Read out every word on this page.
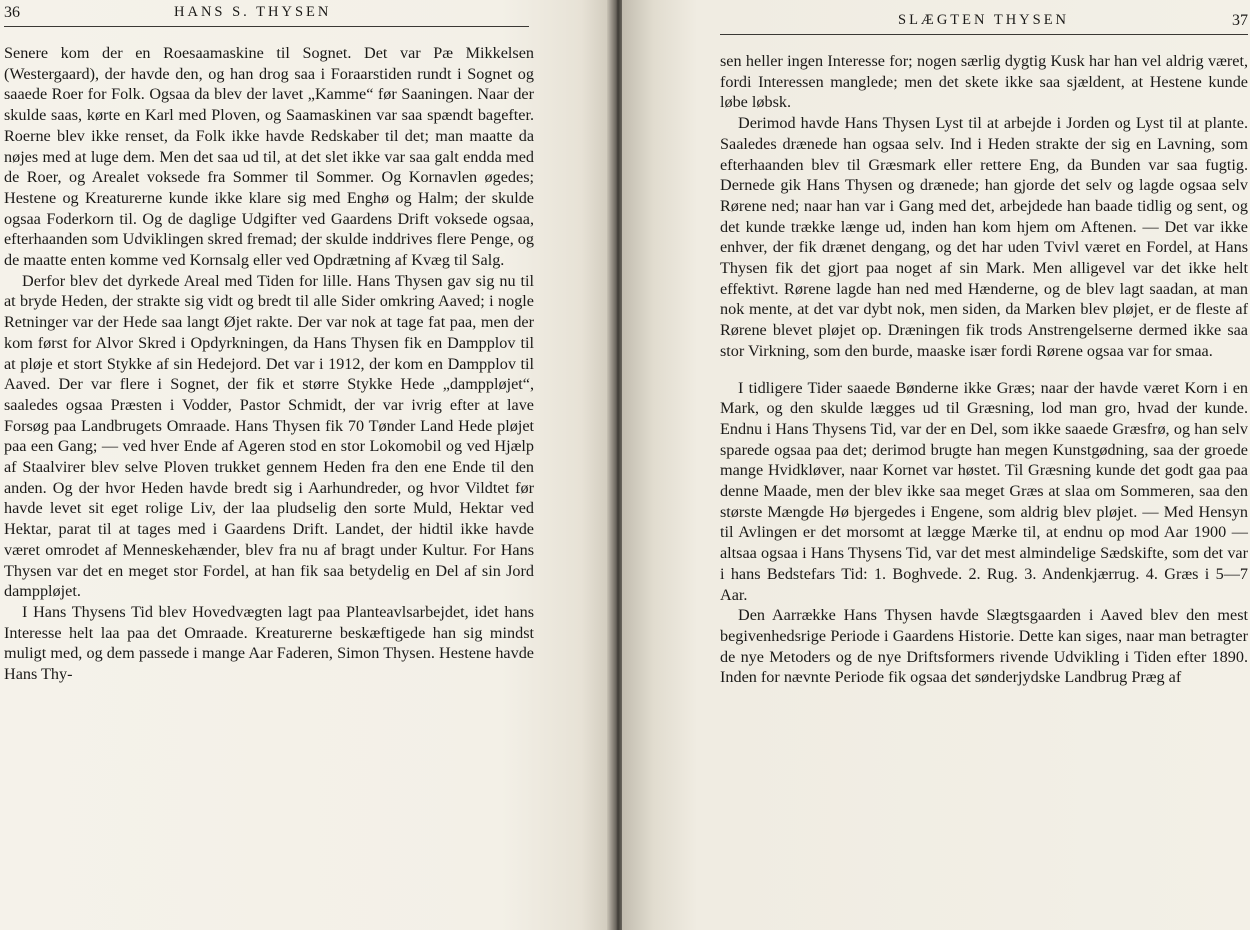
36	HANS S. THYSEN

Senere kom der en Roesaamaskine til Sognet. Det var Pæ Mikkelsen (Westergaard), der havde den, og han drog saa i Foraarstiden rundt i Sognet og saaede Roer for Folk. Ogsaa da blev der lavet „Kamme“ før Saaningen. Naar der skulde saas, kørte en Karl med Ploven, og Saamaskinen var saa spændt bagefter. Roerne blev ikke renset, da Folk ikke havde Redskaber til det; man maatte da nøjes med at luge dem. Men det saa ud til, at det slet ikke var saa galt endda med de Roer, og Arealet voksede fra Sommer til Sommer. Og Kornavlen øgedes; Hestene og Kreaturerne kunde ikke klare sig med Enghø og Halm; der skulde ogsaa Foderkorn til. Og de daglige Udgifter ved Gaardens Drift voksede ogsaa, efterhaanden som Udviklingen skred fremad; der skulde inddrives flere Penge, og de maatte enten komme ved Kornsalg eller ved Opdrætning af Kvæg til Salg.

Derfor blev det dyrkede Areal med Tiden for lille. Hans Thysen gav sig nu til at bryde Heden, der strakte sig vidt og bredt til alle Sider omkring Aaved; i nogle Retninger var der Hede saa langt Øjet rakte. Der var nok at tage fat paa, men der kom først for Alvor Skred i Opdyrkningen, da Hans Thysen fik en Dampplov til at pløje et stort Stykke af sin Hedejord. Det var i 1912, der kom en Dampplov til Aaved. Der var flere i Sognet, der fik et større Stykke Hede „damppløjet“, saaledes ogsaa Præsten i Vodder, Pastor Schmidt, der var ivrig efter at lave Forsøg paa Landbrugets Omraade. Hans Thysen fik 70 Tønder Land Hede pløjet paa een Gang; — ved hver Ende af Ageren stod en stor Lokomobil og ved Hjælp af Staalvirer blev selve Ploven trukket gennem Heden fra den ene Ende til den anden. Og der hvor Heden havde bredt sig i Aarhundreder, og hvor Vildtet før havde levet sit eget rolige Liv, der laa pludselig den sorte Muld, Hektar ved Hektar, parat til at tages med i Gaardens Drift. Landet, der hidtil ikke havde været omrodet af Menneskehænder, blev fra nu af bragt under Kultur. For Hans Thysen var det en meget stor Fordel, at han fik saa betydelig en Del af sin Jord damppløjet.

I Hans Thysens Tid blev Hovedvægten lagt paa Planteavlsarbejdet, idet hans Interesse helt laa paa det Omraade. Kreaturerne beskæftigede han sig mindst muligt med, og dem passede i mange Aar Faderen, Simon Thysen. Hestene havde Hans Thy-

SLÆGTEN THYSEN	37

sen heller ingen Interesse for; nogen særlig dygtig Kusk har han vel aldrig været, fordi Interessen manglede; men det skete ikke saa sjældent, at Hestene kunde løbe løbsk.

Derimod havde Hans Thysen Lyst til at arbejde i Jorden og Lyst til at plante. Saaledes drænede han ogsaa selv. Ind i Heden strakte der sig en Lavning, som efterhaanden blev til Græsmark eller rettere Eng, da Bunden var saa fugtig. Dernede gik Hans Thysen og drænede; han gjorde det selv og lagde ogsaa selv Rørene ned; naar han var i Gang med det, arbejdede han baade tidlig og sent, og det kunde trække længe ud, inden han kom hjem om Aftenen. — Det var ikke enhver, der fik drænet dengang, og det har uden Tvivl været en Fordel, at Hans Thysen fik det gjort paa noget af sin Mark. Men alligevel var det ikke helt effektivt. Rørene lagde han ned med Hænderne, og de blev lagt saadan, at man nok mente, at det var dybt nok, men siden, da Marken blev pløjet, er de fleste af Rørene blevet pløjet op. Dræningen fik trods Anstrengelserne dermed ikke saa stor Virkning, som den burde, maaske især fordi Rørene ogsaa var for smaa.

I tidligere Tider saaede Bønderne ikke Græs; naar der havde været Korn i en Mark, og den skulde lægges ud til Græsning, lod man gro, hvad der kunde. Endnu i Hans Thysens Tid, var der en Del, som ikke saaede Græsfrø, og han selv sparede ogsaa paa det; derimod brugte han megen Kunstgødning, saa der groede mange Hvidkløver, naar Kornet var høstet. Til Græsning kunde det godt gaa paa denne Maade, men der blev ikke saa meget Græs at slaa om Sommeren, saa den største Mængde Hø bjergedes i Engene, som aldrig blev pløjet. — Med Hensyn til Avlingen er det morsomt at lægge Mærke til, at endnu op mod Aar 1900 — altsaa ogsaa i Hans Thysens Tid, var det mest almindelige Sædskifte, som det var i hans Bedstefars Tid: 1. Boghvede. 2. Rug. 3. Andenkjærrug. 4. Græs i 5—7 Aar.

Den Aarrække Hans Thysen havde Slægtsgaarden i Aaved blev den mest begivenhedsrige Periode i Gaardens Historie. Dette kan siges, naar man betragter de nye Metoders og de nye Driftsformers rivende Udvikling i Tiden efter 1890. Inden for nævnte Periode fik ogsaa det sønderjydske Landbrug Præg af
